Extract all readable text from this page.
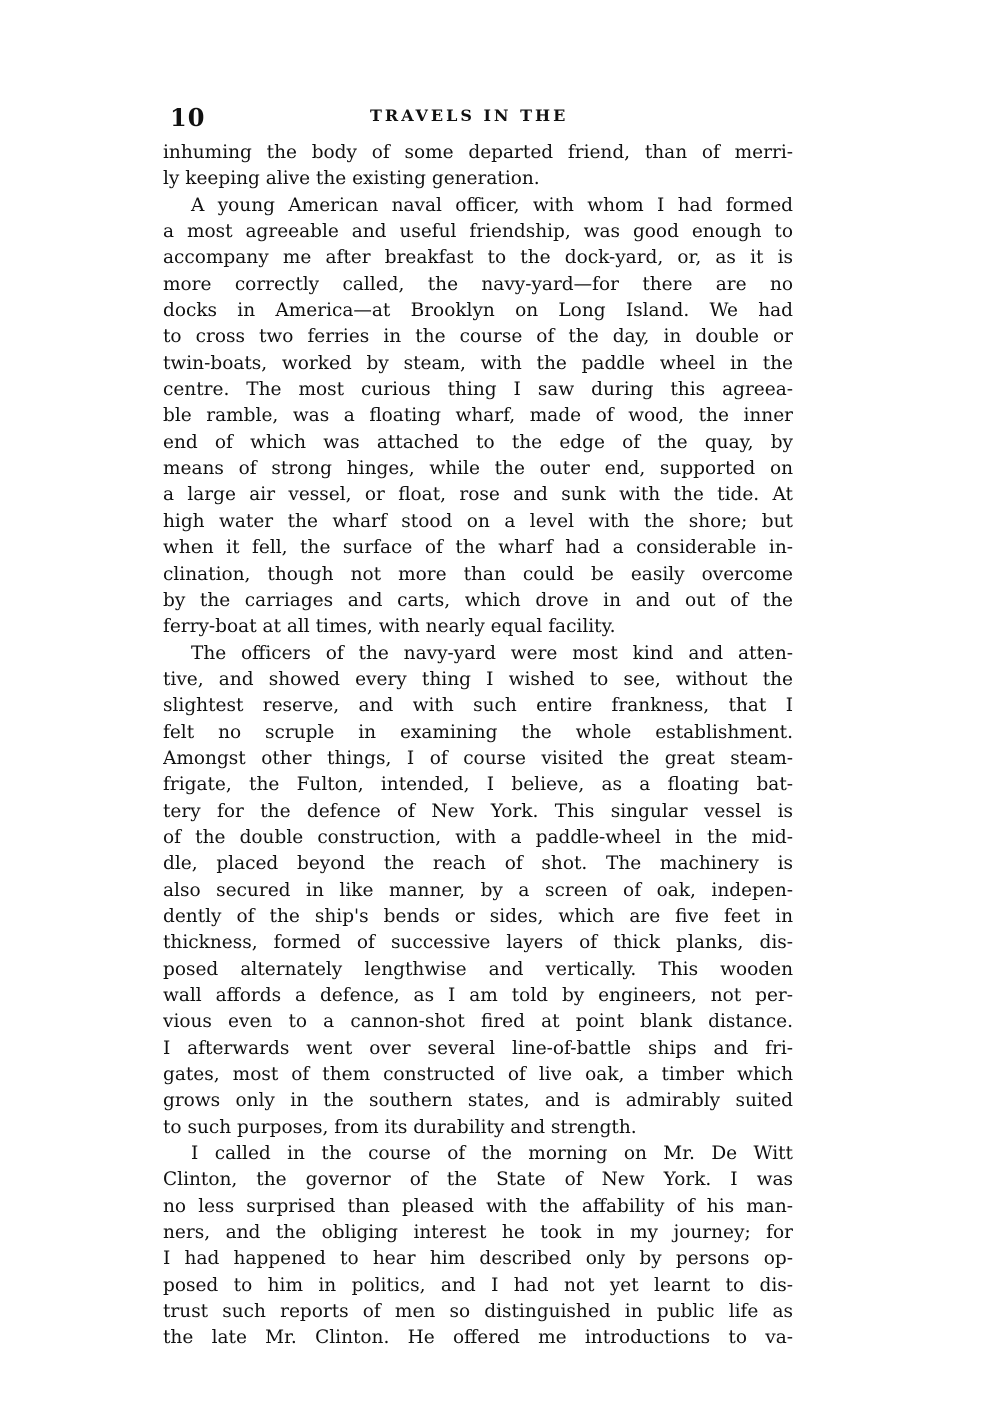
10	TRAVELS IN THE
inhuming the body of some departed friend, than of merri-
ly keeping alive the existing generation.
A young American naval officer, with whom I had formed
a most agreeable and useful friendship, was good enough to
accompany me after breakfast to the dock-yard, or, as it is
more correctly called, the navy-yard—for there are no
docks in America—at Brooklyn on Long Island. We had
to cross two ferries in the course of the day, in double or
twin-boats, worked by steam, with the paddle wheel in the
centre. The most curious thing I saw during this agreea-
ble ramble, was a floating wharf, made of wood, the inner
end of which was attached to the edge of the quay, by
means of strong hinges, while the outer end, supported on
a large air vessel, or float, rose and sunk with the tide. At
high water the wharf stood on a level with the shore; but
when it fell, the surface of the wharf had a considerable in-
clination, though not more than could be easily overcome
by the carriages and carts, which drove in and out of the
ferry-boat at all times, with nearly equal facility.
The officers of the navy-yard were most kind and atten-
tive, and showed every thing I wished to see, without the
slightest reserve, and with such entire frankness, that I
felt no scruple in examining the whole establishment.
Amongst other things, I of course visited the great steam-
frigate, the Fulton, intended, I believe, as a floating bat-
tery for the defence of New York. This singular vessel is
of the double construction, with a paddle-wheel in the mid-
dle, placed beyond the reach of shot. The machinery is
also secured in like manner, by a screen of oak, indepen-
dently of the ship's bends or sides, which are five feet in
thickness, formed of successive layers of thick planks, dis-
posed alternately lengthwise and vertically. This wooden
wall affords a defence, as I am told by engineers, not per-
vious even to a cannon-shot fired at point blank distance.
I afterwards went over several line-of-battle ships and fri-
gates, most of them constructed of live oak, a timber which
grows only in the southern states, and is admirably suited
to such purposes, from its durability and strength.
I called in the course of the morning on Mr. De Witt
Clinton, the governor of the State of New York. I was
no less surprised than pleased with the affability of his man-
ners, and the obliging interest he took in my journey; for
I had happened to hear him described only by persons op-
posed to him in politics, and I had not yet learnt to dis-
trust such reports of men so distinguished in public life as
the late Mr. Clinton. He offered me introductions to va-
